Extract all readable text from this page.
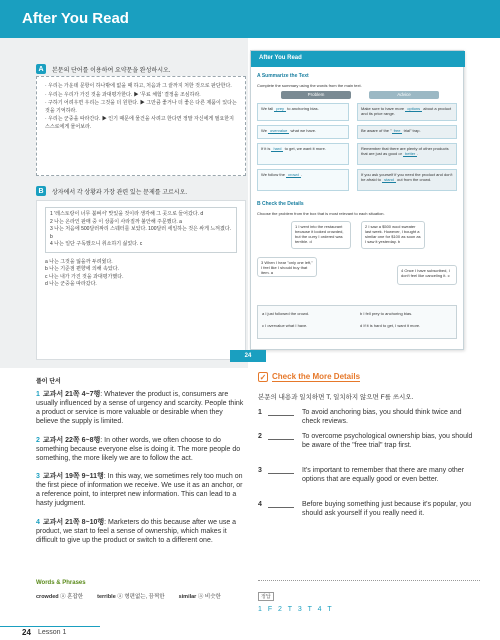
After You Read
A	본문의 단어를 이용하여 요약문을 완성하시오.
· 우리는 가운데 문항이 하나밖에 없을 때 하고, 처음과 그 끝까지 처한 것으로 판단한다.
· 우리는 우리가 가진 것을 과대평가한다. ▶ '무료 체험' 결정을 조심하라.
· 구하기 어려우면 우리는 그것을 더 원한다. ▶ 그만큼 좋거나 더 좋은 다른 제품이 있다는 것을 기억하라.
· 우리는 군중을 따라간다. ▶ 인기 때문에 물건을 사려고 한다면 정말 자신에게 필요한지 스스로에게 물어보라.
B	상자에서 각 상황과 가장 관련 있는 문제를 고르시오.
1 '레스토랑이 너무 붐벼서' 맛있을 것이라 생각해 그 곳으로 들어갔다. d
2 나는 온라인 판매 중 이 상품이 사라질까 불안해 주문했다. a
3 나는 처음에 500달러짜리 스웨터를 보았다. 100달러 세일하는 것은 싸게 느껴졌다. b
4 나는 일단 구독했으니 취소하기 싫었다. c
a 나는 그것을 잃을까 두려웠다.
b 나는 기준점 편향에 의해 속았다.
c 나는 내가 가진 것을 과대평가했다.
d 나는 군중을 따라갔다.
After You Read
A Summarize the Text
Complete the summary using the words from the main text.
Problem	Advice
We fall prey to anchoring bias.	Make sure to have more options about a product and its price range.
We overvalue what we have.	Be aware of the " free trial" trap.
If it is hard to get, we want it more.	Remember that there are plenty of other products that are just as good or better .
We follow the crowd .	If you ask yourself if you need the product and don't be afraid to stand out from the crowd.
B Check the Details
Choose the problem from the box that is most relevant to each situation.
1 I went into the restaurant because it looked crowded, but the curry I ordered was terrible. d
2 I saw a $500 wool sweater last week. However, I bought a similar one for $100 as soon as I saw it yesterday. b
3 When I hear "only one left," I feel like I should buy that item. a	4 Once I have subscribed, I don't feel like canceling it. c
a I just followed the crowd.	b I fell prey to anchoring bias.
c I overvalue what I have.	d If it is hard to get, I want it more.
24
풀이 단서
1 교과서 21쪽 4~7행: Whatever the product is, consumers are usually influenced by a sense of urgency and scarcity. People think a product or service is more valuable or desirable when they believe the supply is limited.
2 교과서 22쪽 6~8행: In other words, we often choose to do something because everyone else is doing it. The more people do something, the more likely we are to follow the act.
3 교과서 19쪽 9~11행: In this way, we sometimes rely too much on the first piece of information we receive. We use it as an anchor, or a reference point, to interpret new information. This can lead to a hasty judgment.
4 교과서 21쪽 8~10행: Marketers do this because after we use a product, we start to feel a sense of ownership, which makes it difficult to give up the product or switch to a different one.
Words & Phrases
crowded ⓐ 혼잡한	terrible ⓐ 형편없는, 끔찍한	similar ⓐ 비슷한
24 Lesson 1
✓ Check the More Details
본문의 내용과 일치하면 T, 일치하지 않으면 F를 쓰시오.
1	To avoid anchoring bias, you should think twice and check reviews.
2	To overcome psychological ownership bias, you should be aware of the "free trial" trap first.
3	It's important to remember that there are many other options that are equally good or even better.
4	Before buying something just because it's popular, you should ask yourself if you really need it.
정답
1 F 2 T 3 T 4 T
